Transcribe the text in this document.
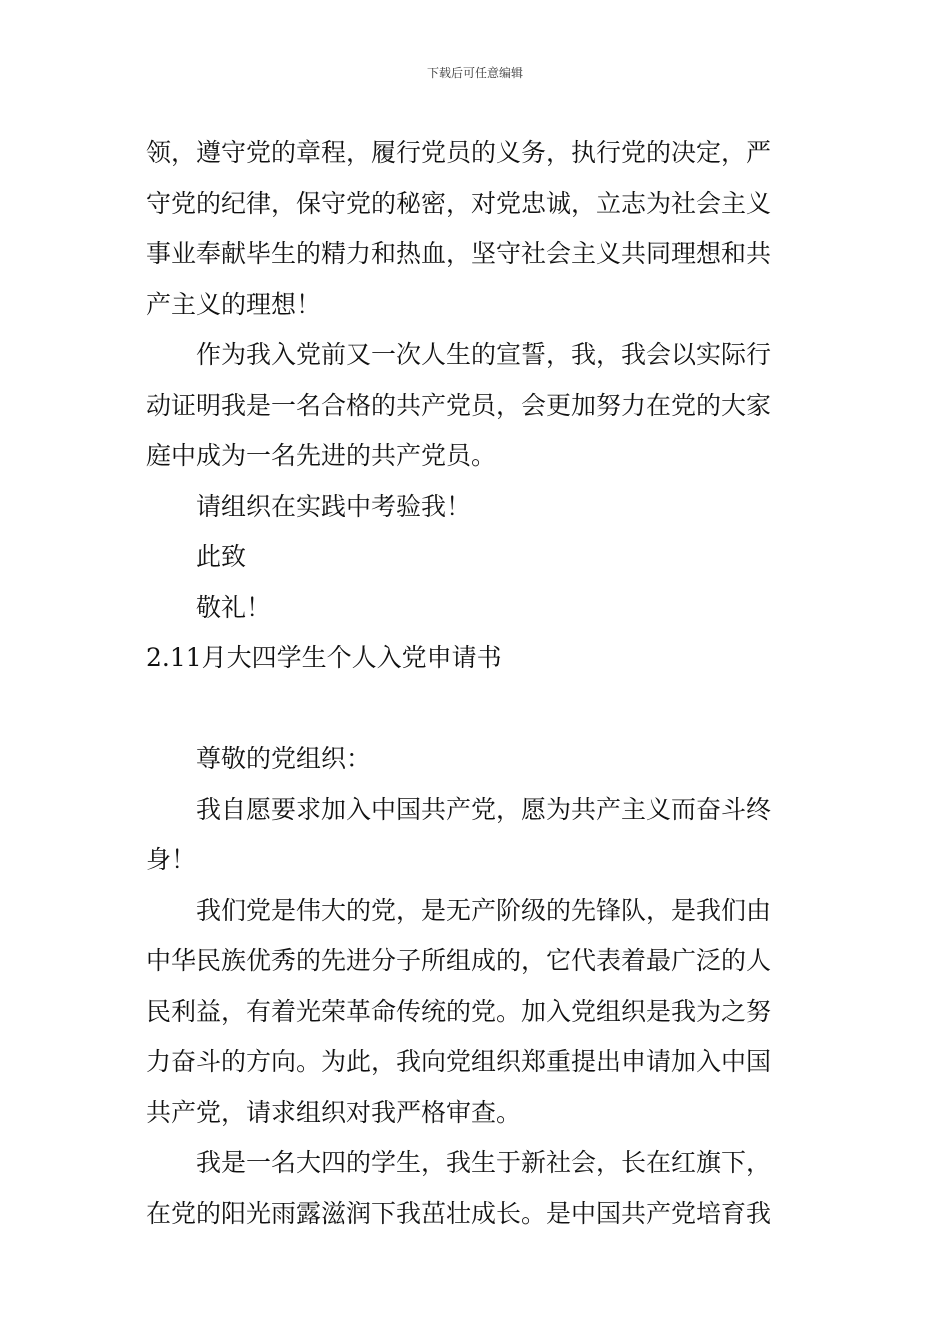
下载后可任意编辑
领，遵守党的章程，履行党员的义务，执行党的决定，严
守党的纪律，保守党的秘密，对党忠诚，立志为社会主义
事业奉献毕生的精力和热血，坚守社会主义共同理想和共
产主义的理想！
作为我入党前又一次人生的宣誓，我，我会以实际行
动证明我是一名合格的共产党员，会更加努力在党的大家
庭中成为一名先进的共产党员。
请组织在实践中考验我！
此致
敬礼！
2.11月大四学生个人入党申请书
尊敬的党组织：
我自愿要求加入中国共产党，愿为共产主义而奋斗终
身！
我们党是伟大的党，是无产阶级的先锋队，是我们由
中华民族优秀的先进分子所组成的，它代表着最广泛的人
民利益，有着光荣革命传统的党。加入党组织是我为之努
力奋斗的方向。为此，我向党组织郑重提出申请加入中国
共产党，请求组织对我严格审查。
我是一名大四的学生，我生于新社会，长在红旗下，
在党的阳光雨露滋润下我茁壮成长。是中国共产党培育我
